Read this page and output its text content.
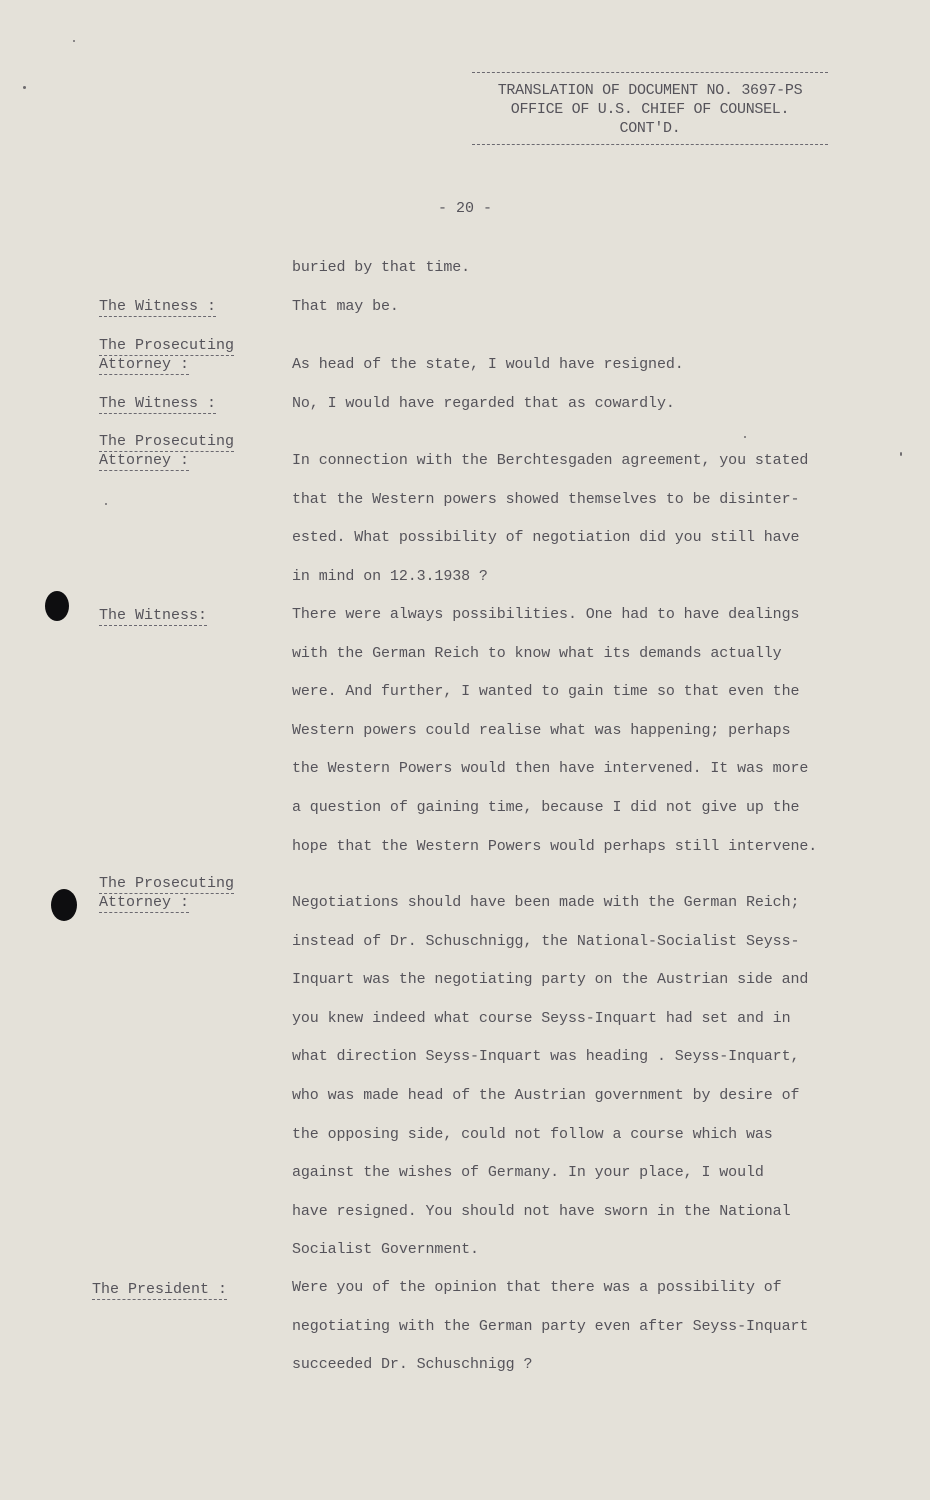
TRANSLATION OF DOCUMENT NO. 3697-PS
OFFICE OF U.S. CHIEF OF COUNSEL.
CONT'D.
- 20 -
buried by that time.
The Witness :	That may be.
The Prosecuting
Attorney :	As head of the state, I would have resigned.
The Witness :	No, I would have regarded that as cowardly.
The Prosecuting
Attorney :	In connection with the Berchtesgaden agreement, you stated
that the Western powers showed themselves to be disinter-
ested. What possibility of negotiation did you still have
in mind on 12.3.1938 ?
The Witness:	There were always possibilities. One had to have dealings
with the German Reich to know what its demands actually
were. And further, I wanted to gain time so that even the
Western powers could realise what was happening; perhaps
the Western Powers would then have intervened. It was more
a question of gaining time, because I did not give up the
hope that the Western Powers would perhaps still intervene.
The Prosecuting
Attorney :	Negotiations should have been made with the German Reich;
instead of Dr. Schuschnigg, the National-Socialist Seyss-
Inquart was the negotiating party on the Austrian side and
you knew indeed what course Seyss-Inquart had set and in
what direction Seyss-Inquart was heading . Seyss-Inquart,
who was made head of the Austrian government by desire of
the opposing side, could not follow a course which was
against the wishes of Germany. In your place, I would
have resigned. You should not have sworn in the National
Socialist Government.
The President :	Were you of the opinion that there was a possibility of
negotiating with the German party even after Seyss-Inquart
succeeded Dr. Schuschnigg ?
